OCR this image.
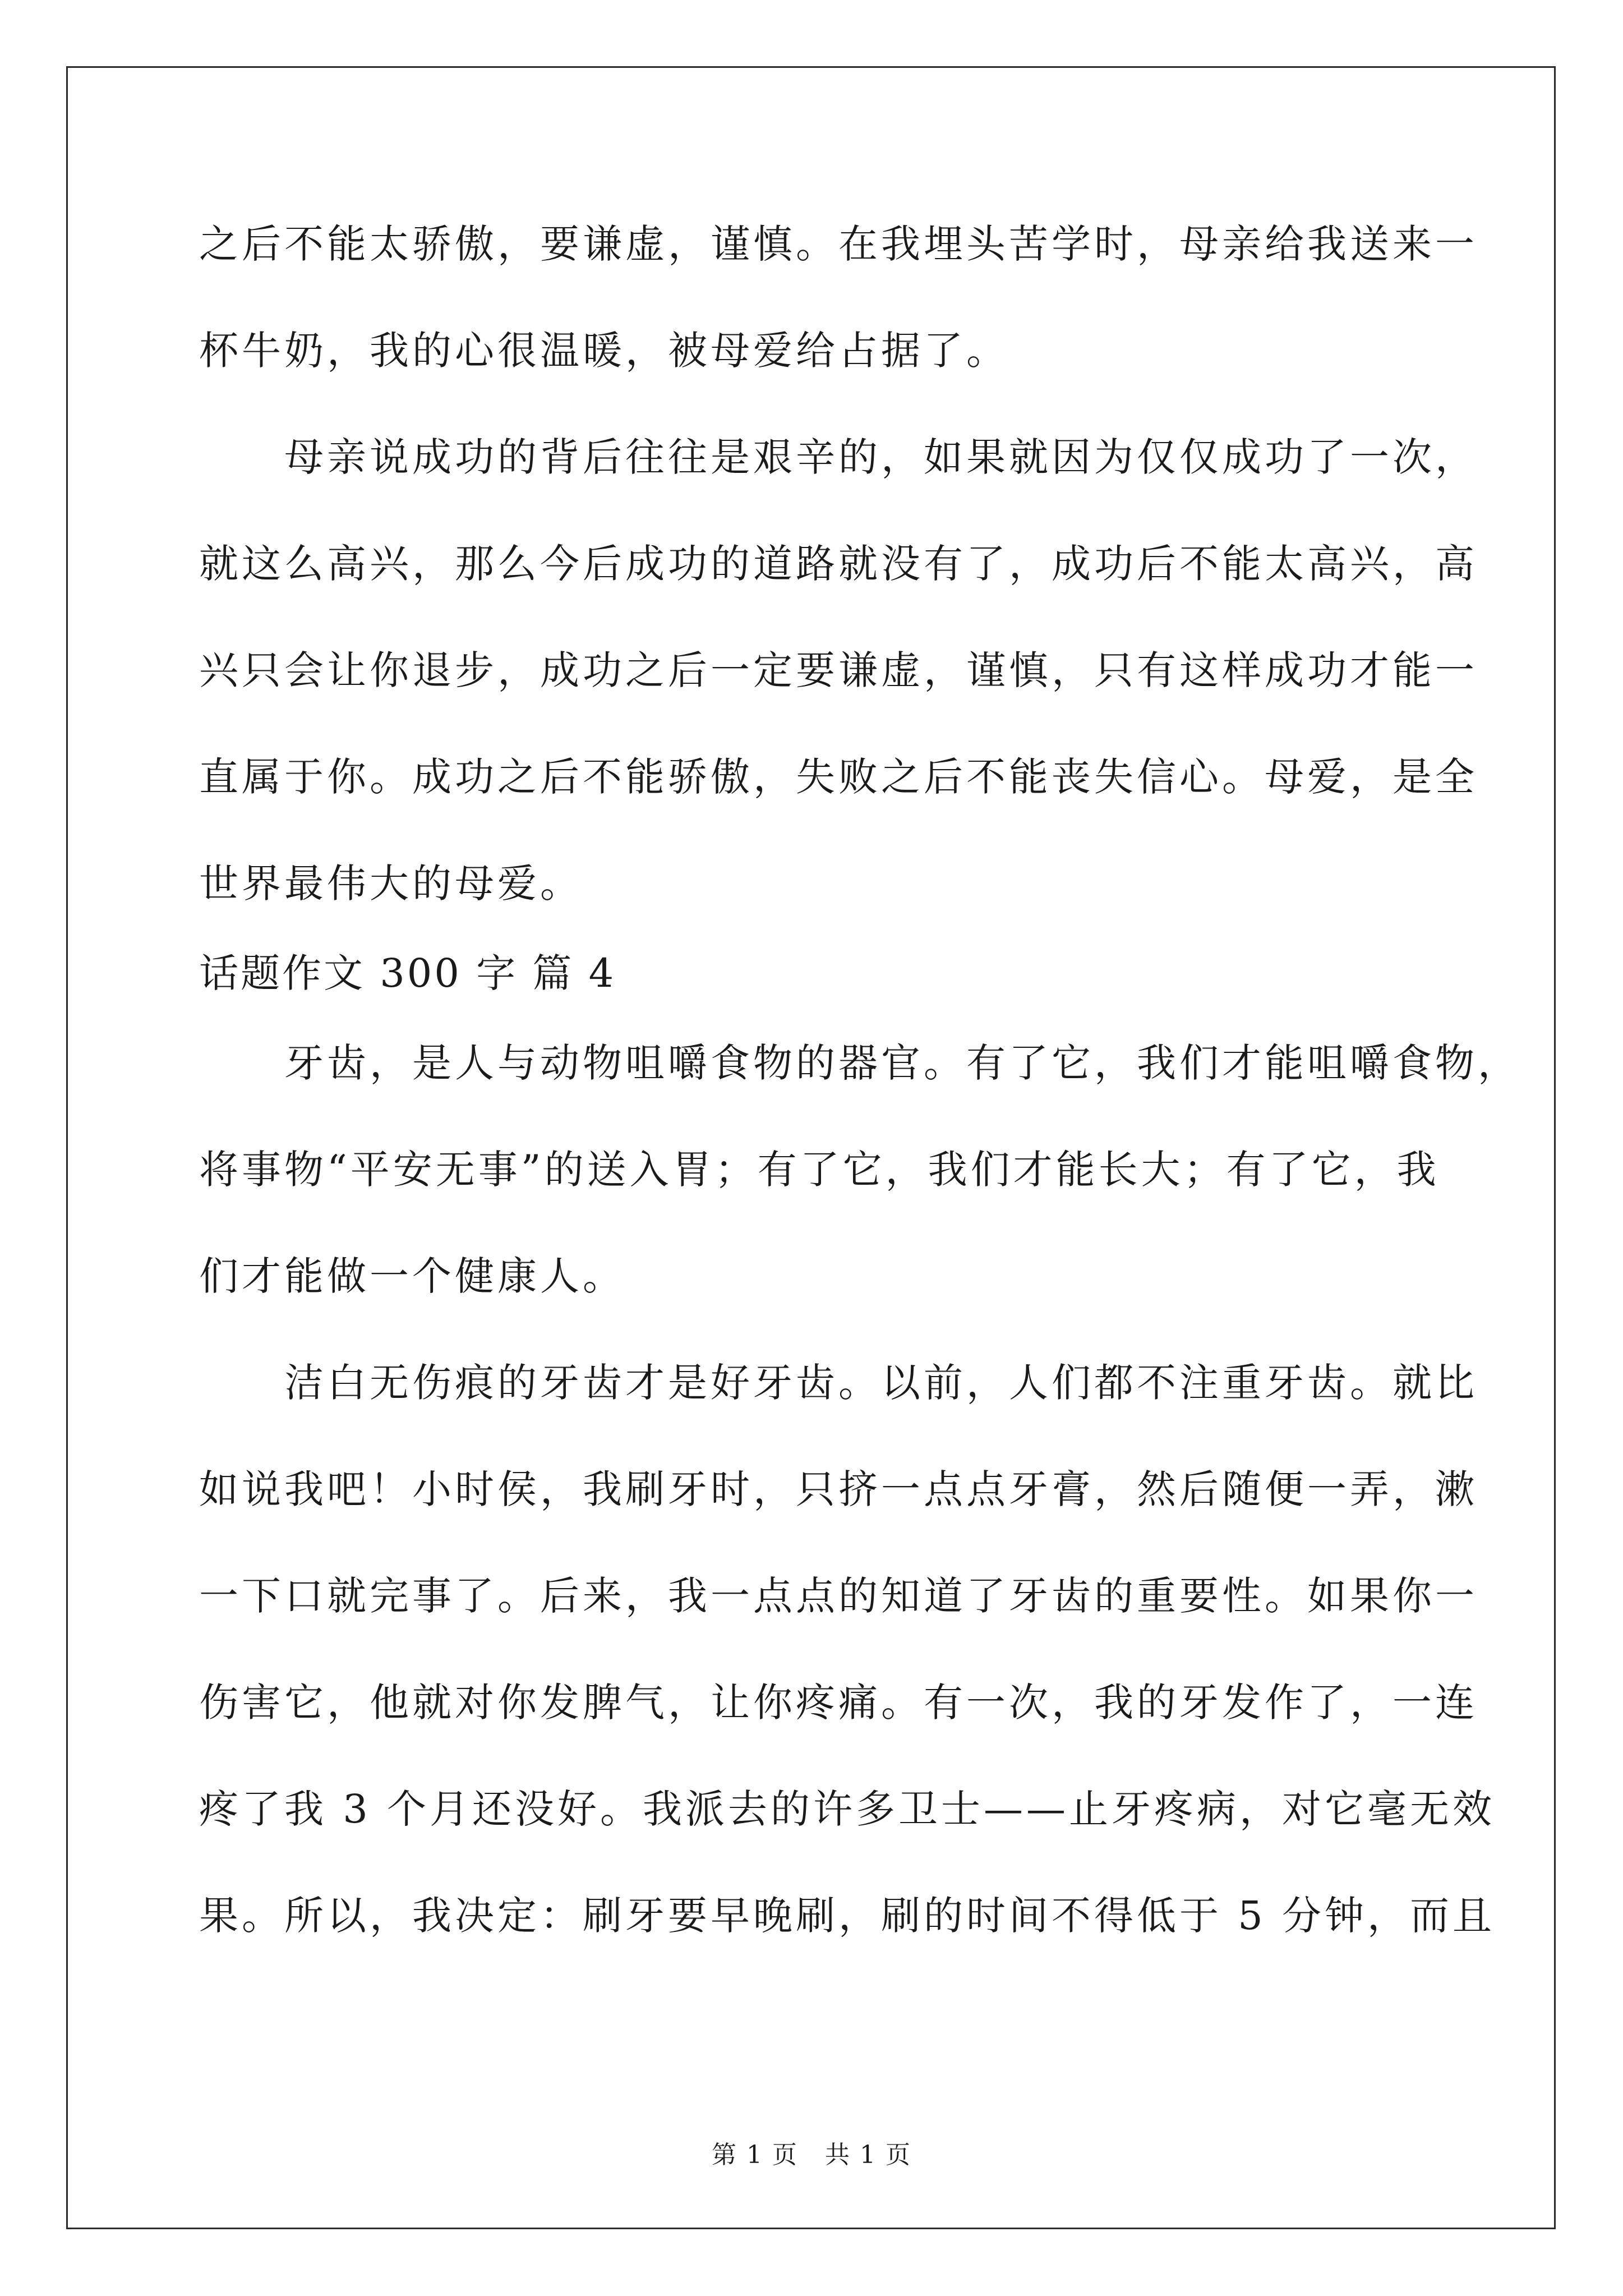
之后不能太骄傲，要谦虚，谨慎。在我埋头苦学时，母亲给我送来一
杯牛奶，我的心很温暖，被母爱给占据了。
　　母亲说成功的背后往往是艰辛的，如果就因为仅仅成功了一次，
就这么高兴，那么今后成功的道路就没有了，成功后不能太高兴，高
兴只会让你退步，成功之后一定要谦虚，谨慎，只有这样成功才能一
直属于你。成功之后不能骄傲，失败之后不能丧失信心。母爱，是全
世界最伟大的母爱。
话题作文 300 字 篇 4
　　牙齿，是人与动物咀嚼食物的器官。有了它，我们才能咀嚼食物，
将事物“平安无事”的送入胃；有了它，我们才能长大；有了它，我
们才能做一个健康人。
　　洁白无伤痕的牙齿才是好牙齿。以前，人们都不注重牙齿。就比
如说我吧！小时侯，我刷牙时，只挤一点点牙膏，然后随便一弄，漱
一下口就完事了。后来，我一点点的知道了牙齿的重要性。如果你一
伤害它，他就对你发脾气，让你疼痛。有一次，我的牙发作了，一连
疼了我 3 个月还没好。我派去的许多卫士——止牙疼病，对它毫无效
果。所以，我决定：刷牙要早晚刷，刷的时间不得低于 5 分钟，而且
第 1 页   共 1 页
